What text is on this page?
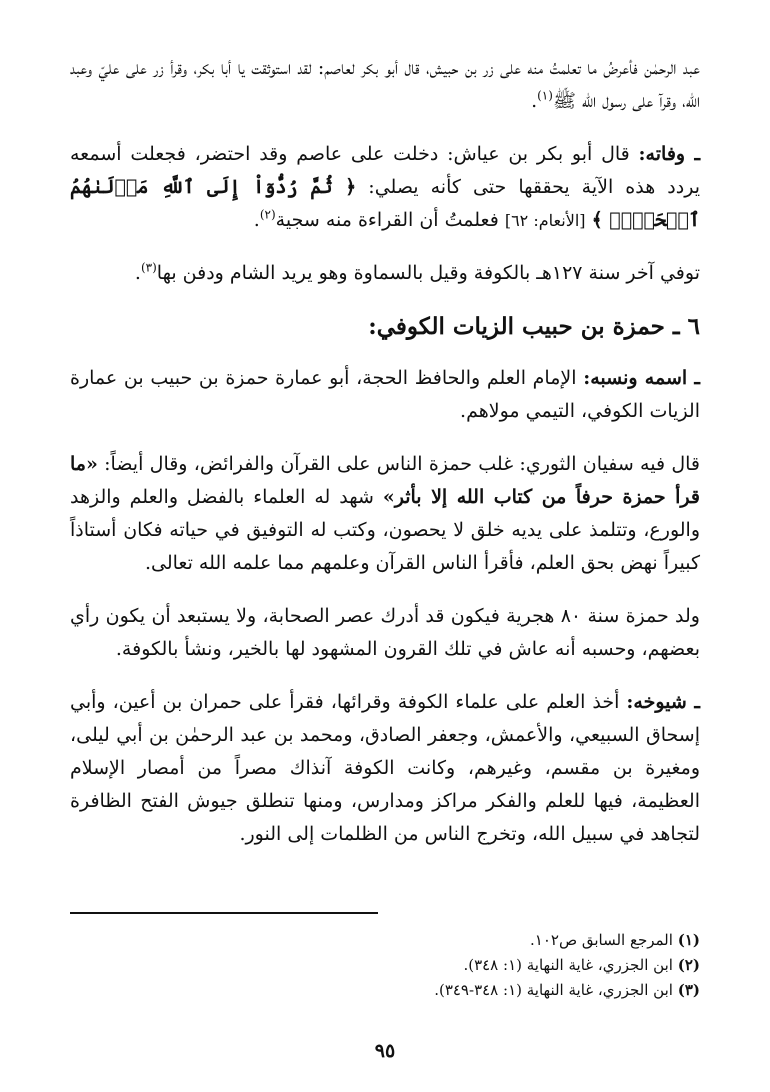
عبد الرحمٰن فأعرضُ ما تعلمتُ منه على زر بن حبيش، قال أبو بكر لعاصم: لقد استوثقت يا أبا بكر، وقرأ زر على عليّ وعبد الله، وقرآ على رسول الله ﷺ$^{(١)}$.

ـ وفاته: قال أبو بكر بن عياش: دخلت على عاصم وقد احتضر، فجعلت أسمعه يردد هذه الآية يحققها حتى كأنه يصلي: ﴿ ثُمَّ رُدُّوٓاْ إِلَى ٱللَّهِ مَوۡلَىٰهُمُ ٱلۡحَقِّۚ ﴾ [الأنعام: ٦٢] فعلمتُ أن القراءة منه سجية$^{(٢)}$.

توفي آخر سنة ١٢٧هـ بالكوفة وقيل بالسماوة وهو يريد الشام ودفن بها$^{(٣)}$.

٦ ـ حمزة بن حبيب الزيات الكوفي:

ـ اسمه ونسبه: الإمام العلم والحافظ الحجة، أبو عمارة حمزة بن حبيب بن عمارة الزيات الكوفي، التيمي مولاهم.

قال فيه سفيان الثوري: غلب حمزة الناس على القرآن والفرائض، وقال أيضاً: «ما قرأ حمزة حرفاً من كتاب الله إلا بأثر» شهد له العلماء بالفضل والعلم والزهد والورع، وتتلمذ على يديه خلق لا يحصون، وكتب له التوفيق في حياته فكان أستاذاً كبيراً نهض بحق العلم، فأقرأ الناس القرآن وعلمهم مما علمه الله تعالى.

ولد حمزة سنة ٨٠ هجرية فيكون قد أدرك عصر الصحابة، ولا يستبعد أن يكون رأي بعضهم، وحسبه أنه عاش في تلك القرون المشهود لها بالخير، ونشأ بالكوفة.

ـ شيوخه: أخذ العلم على علماء الكوفة وقرائها، فقرأ على حمران بن أعين، وأبي إسحاق السبيعي، والأعمش، وجعفر الصادق، ومحمد بن عبد الرحمٰن بن أبي ليلى، ومغيرة بن مقسم، وغيرهم، وكانت الكوفة آنذاك مصراً من أمصار الإسلام العظيمة، فيها للعلم والفكر مراكز ومدارس، ومنها تنطلق جيوش الفتح الظافرة لتجاهد في سبيل الله، وتخرج الناس من الظلمات إلى النور.

(١) المرجع السابق ص١٠٢.
(٢) ابن الجزري، غاية النهاية (١: ٣٤٨).
(٣) ابن الجزري، غاية النهاية (١: ٣٤٨-٣٤٩).
٩٥
